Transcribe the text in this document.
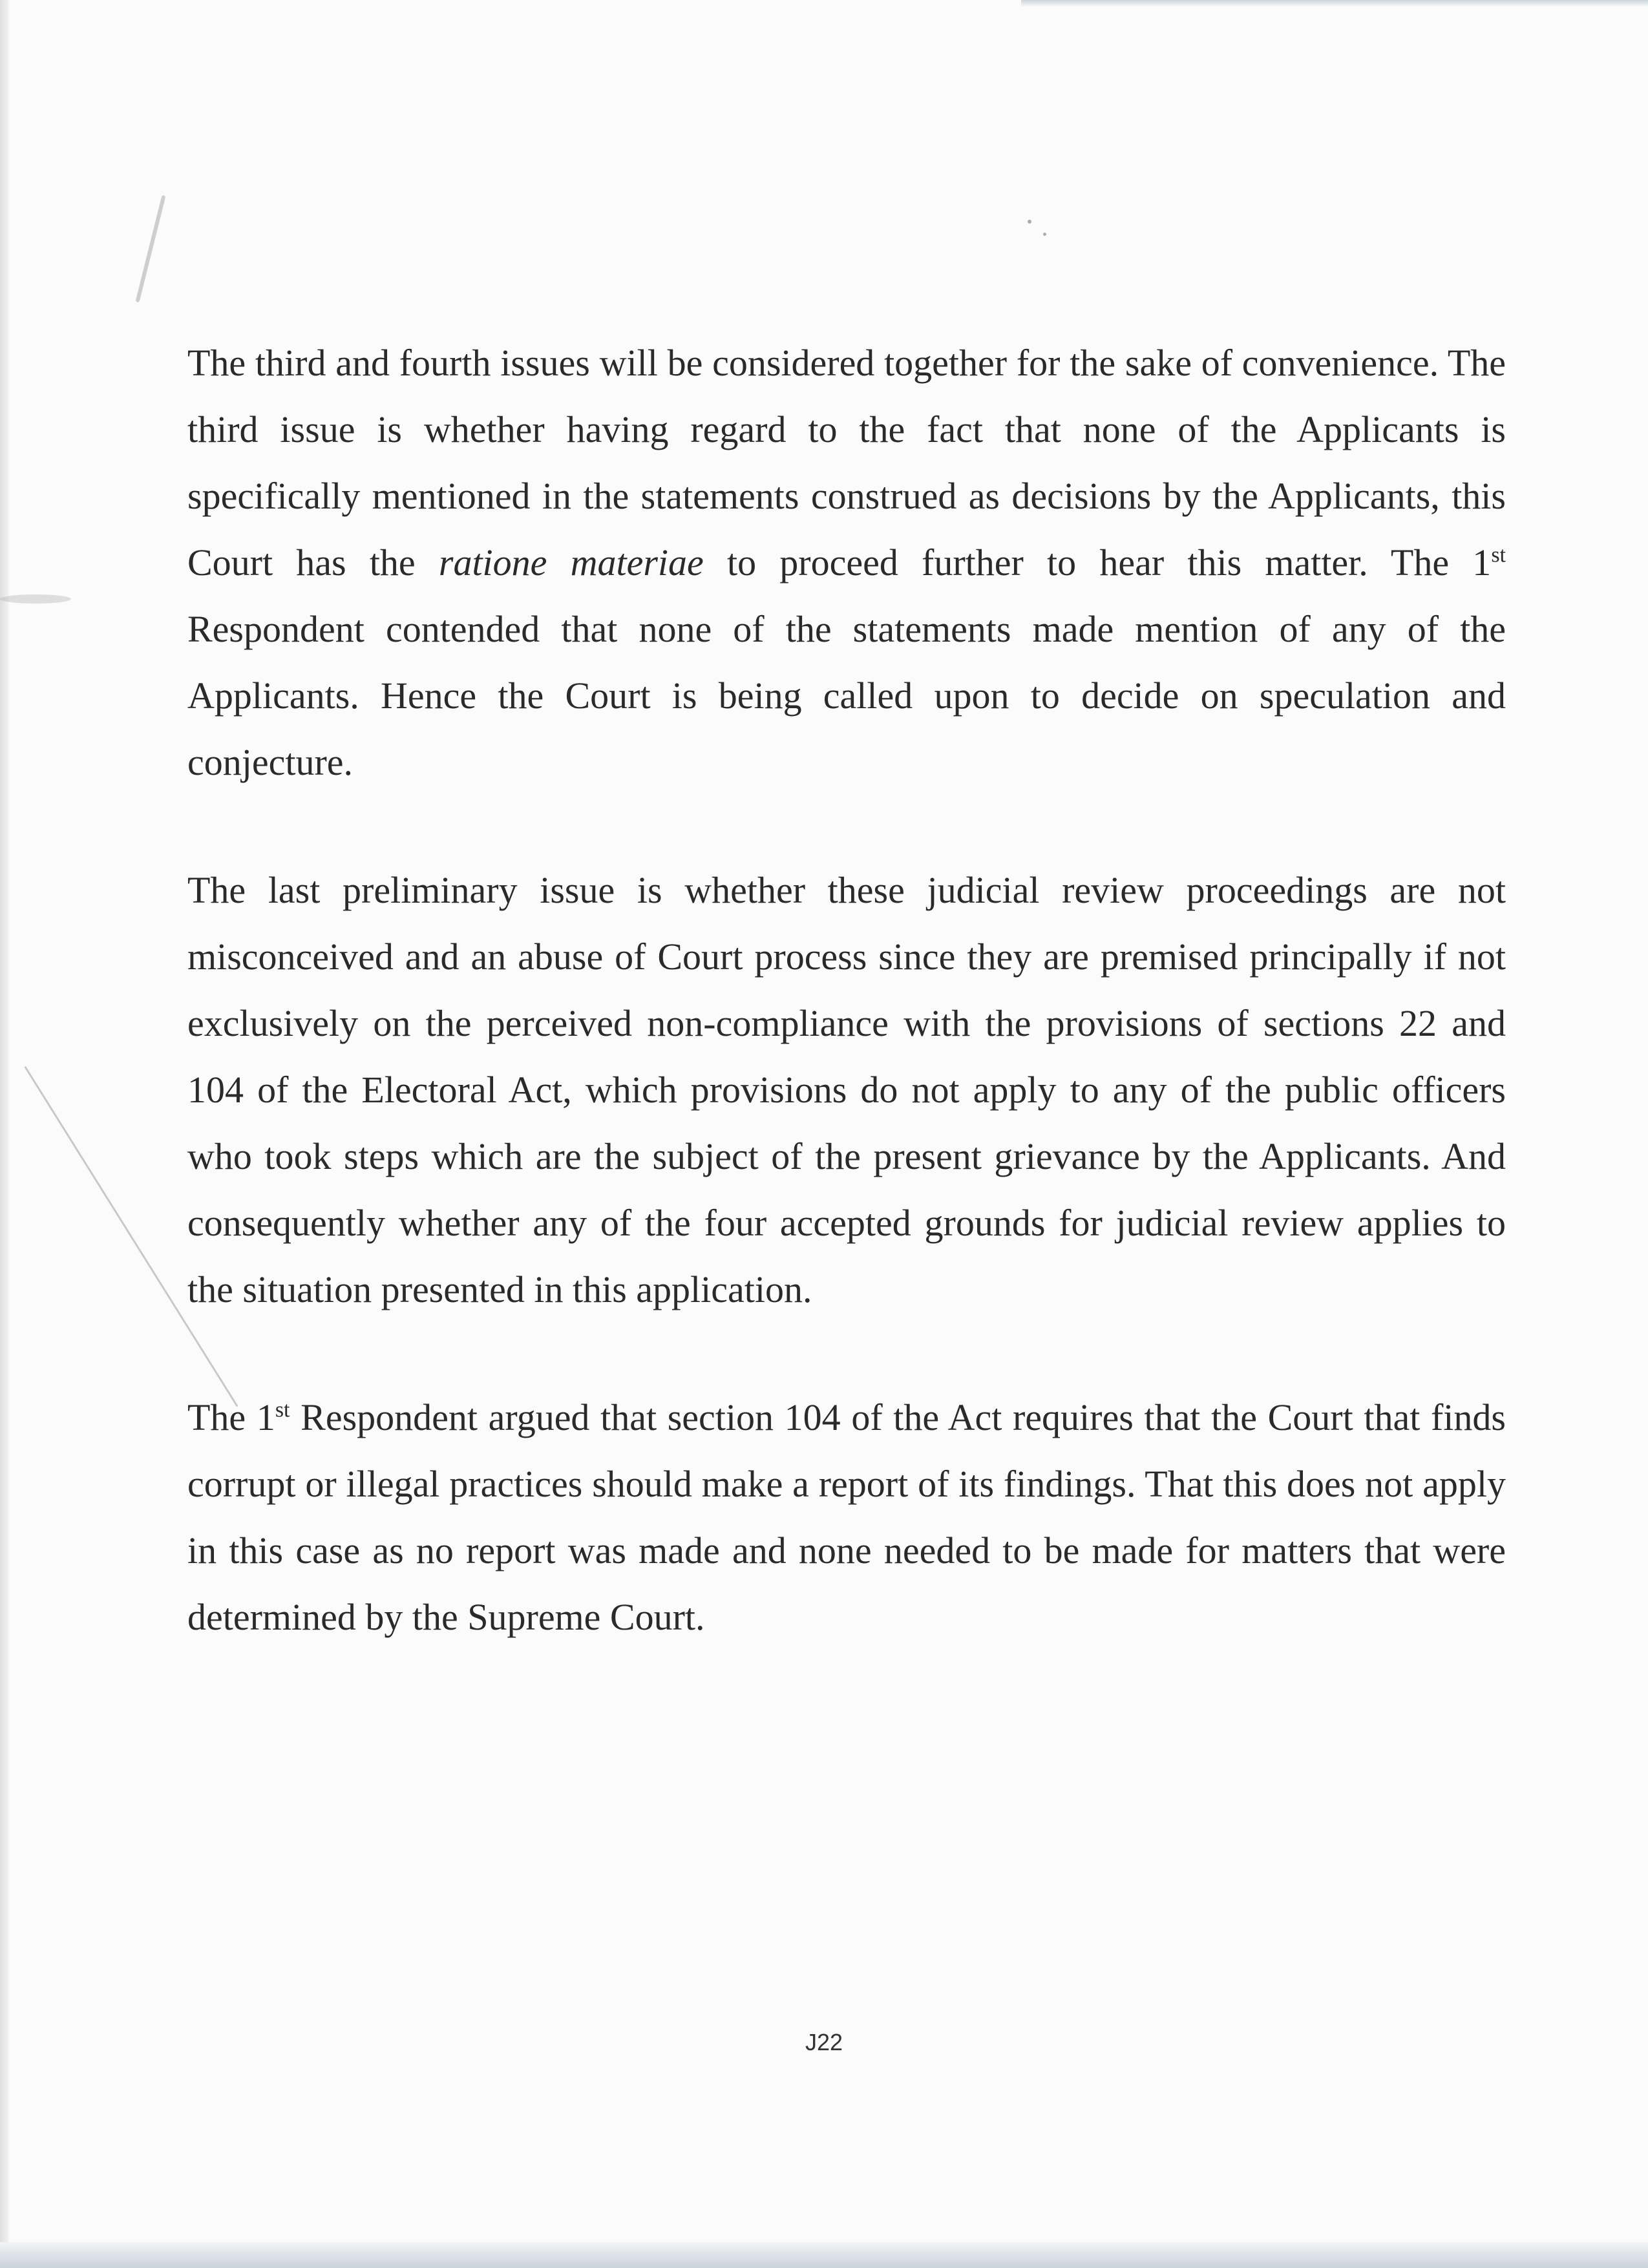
The third and fourth issues will be considered together for the sake of convenience. The third issue is whether having regard to the fact that none of the Applicants is specifically mentioned in the statements construed as decisions by the Applicants, this Court has the ratione materiae to proceed further to hear this matter. The 1st Respondent contended that none of the statements made mention of any of the Applicants. Hence the Court is being called upon to decide on speculation and conjecture.

The last preliminary issue is whether these judicial review proceedings are not misconceived and an abuse of Court process since they are premised principally if not exclusively on the perceived non-compliance with the provisions of sections 22 and 104 of the Electoral Act, which provisions do not apply to any of the public officers who took steps which are the subject of the present grievance by the Applicants. And consequently whether any of the four accepted grounds for judicial review applies to the situation presented in this application.

The 1st Respondent argued that section 104 of the Act requires that the Court that finds corrupt or illegal practices should make a report of its findings. That this does not apply in this case as no report was made and none needed to be made for matters that were determined by the Supreme Court.

J22
